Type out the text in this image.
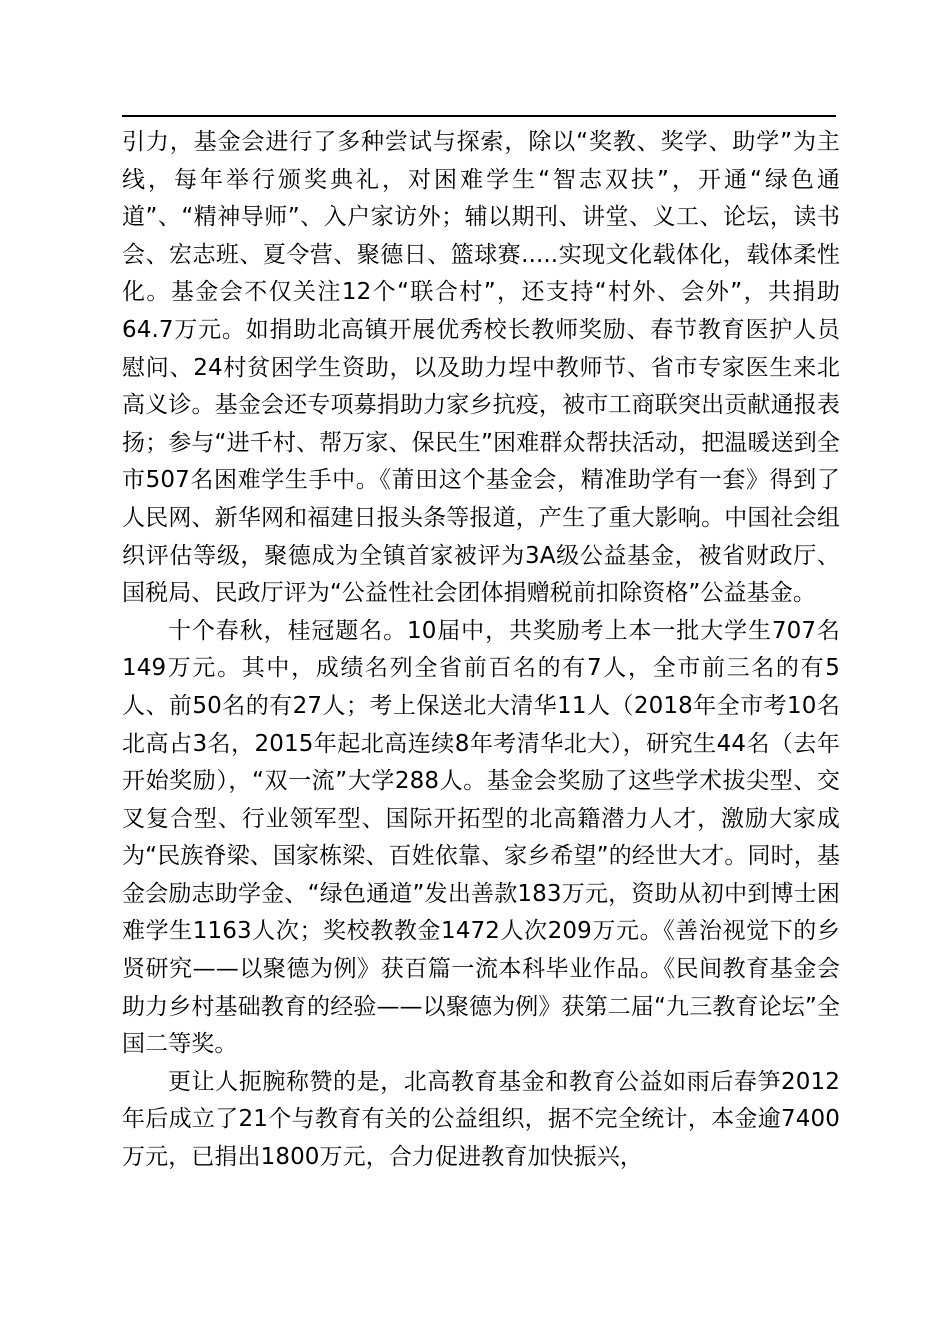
引力，基金会进行了多种尝试与探索，除以“奖教、奖学、助学”为主线，每年举行颁奖典礼，对困难学生“智志双扶”，开通“绿色通道”、“精神导师”、入户家访外；辅以期刊、讲堂、义工、论坛，读书会、宏志班、夏令营、聚德日、篮球赛.....实现文化载体化，载体柔性化。基金会不仅关注12个“联合村”，还支持“村外、会外”，共捐助64.7万元。如捐助北高镇开展优秀校长教师奖励、春节教育医护人员慰问、24村贫困学生资助，以及助力埕中教师节、省市专家医生来北高义诊。基金会还专项募捐助力家乡抗疫，被市工商联突出贡献通报表扬；参与“进千村、帮万家、保民生”困难群众帮扶活动，把温暖送到全市507名困难学生手中。《莆田这个基金会，精准助学有一套》得到了人民网、新华网和福建日报头条等报道，产生了重大影响。中国社会组织评估等级，聚德成为全镇首家被评为3A级公益基金，被省财政厅、国税局、民政厅评为“公益性社会团体捐赠税前扣除资格”公益基金。

十个春秋，桂冠题名。10届中，共奖励考上本一批大学生707名149万元。其中，成绩名列全省前百名的有7人，全市前三名的有5人、前50名的有27人；考上保送北大清华11人（2018年全市考10名北高占3名，2015年起北高连续8年考清华北大），研究生44名（去年开始奖励），“双一流”大学288人。基金会奖励了这些学术拔尖型、交叉复合型、行业领军型、国际开拓型的北高籍潜力人才，激励大家成为“民族脊梁、国家栋梁、百姓依靠、家乡希望”的经世大才。同时，基金会励志助学金、“绿色通道”发出善款183万元，资助从初中到博士困难学生1163人次；奖校教教金1472人次209万元。《善治视觉下的乡贤研究——以聚德为例》获百篇一流本科毕业作品。《民间教育基金会助力乡村基础教育的经验——以聚德为例》获第二届“九三教育论坛”全国二等奖。

更让人扼腕称赞的是，北高教育基金和教育公益如雨后春笋2012年后成立了21个与教育有关的公益组织，据不完全统计，本金逾7400万元，已捐出1800万元，合力促进教育加快振兴，
